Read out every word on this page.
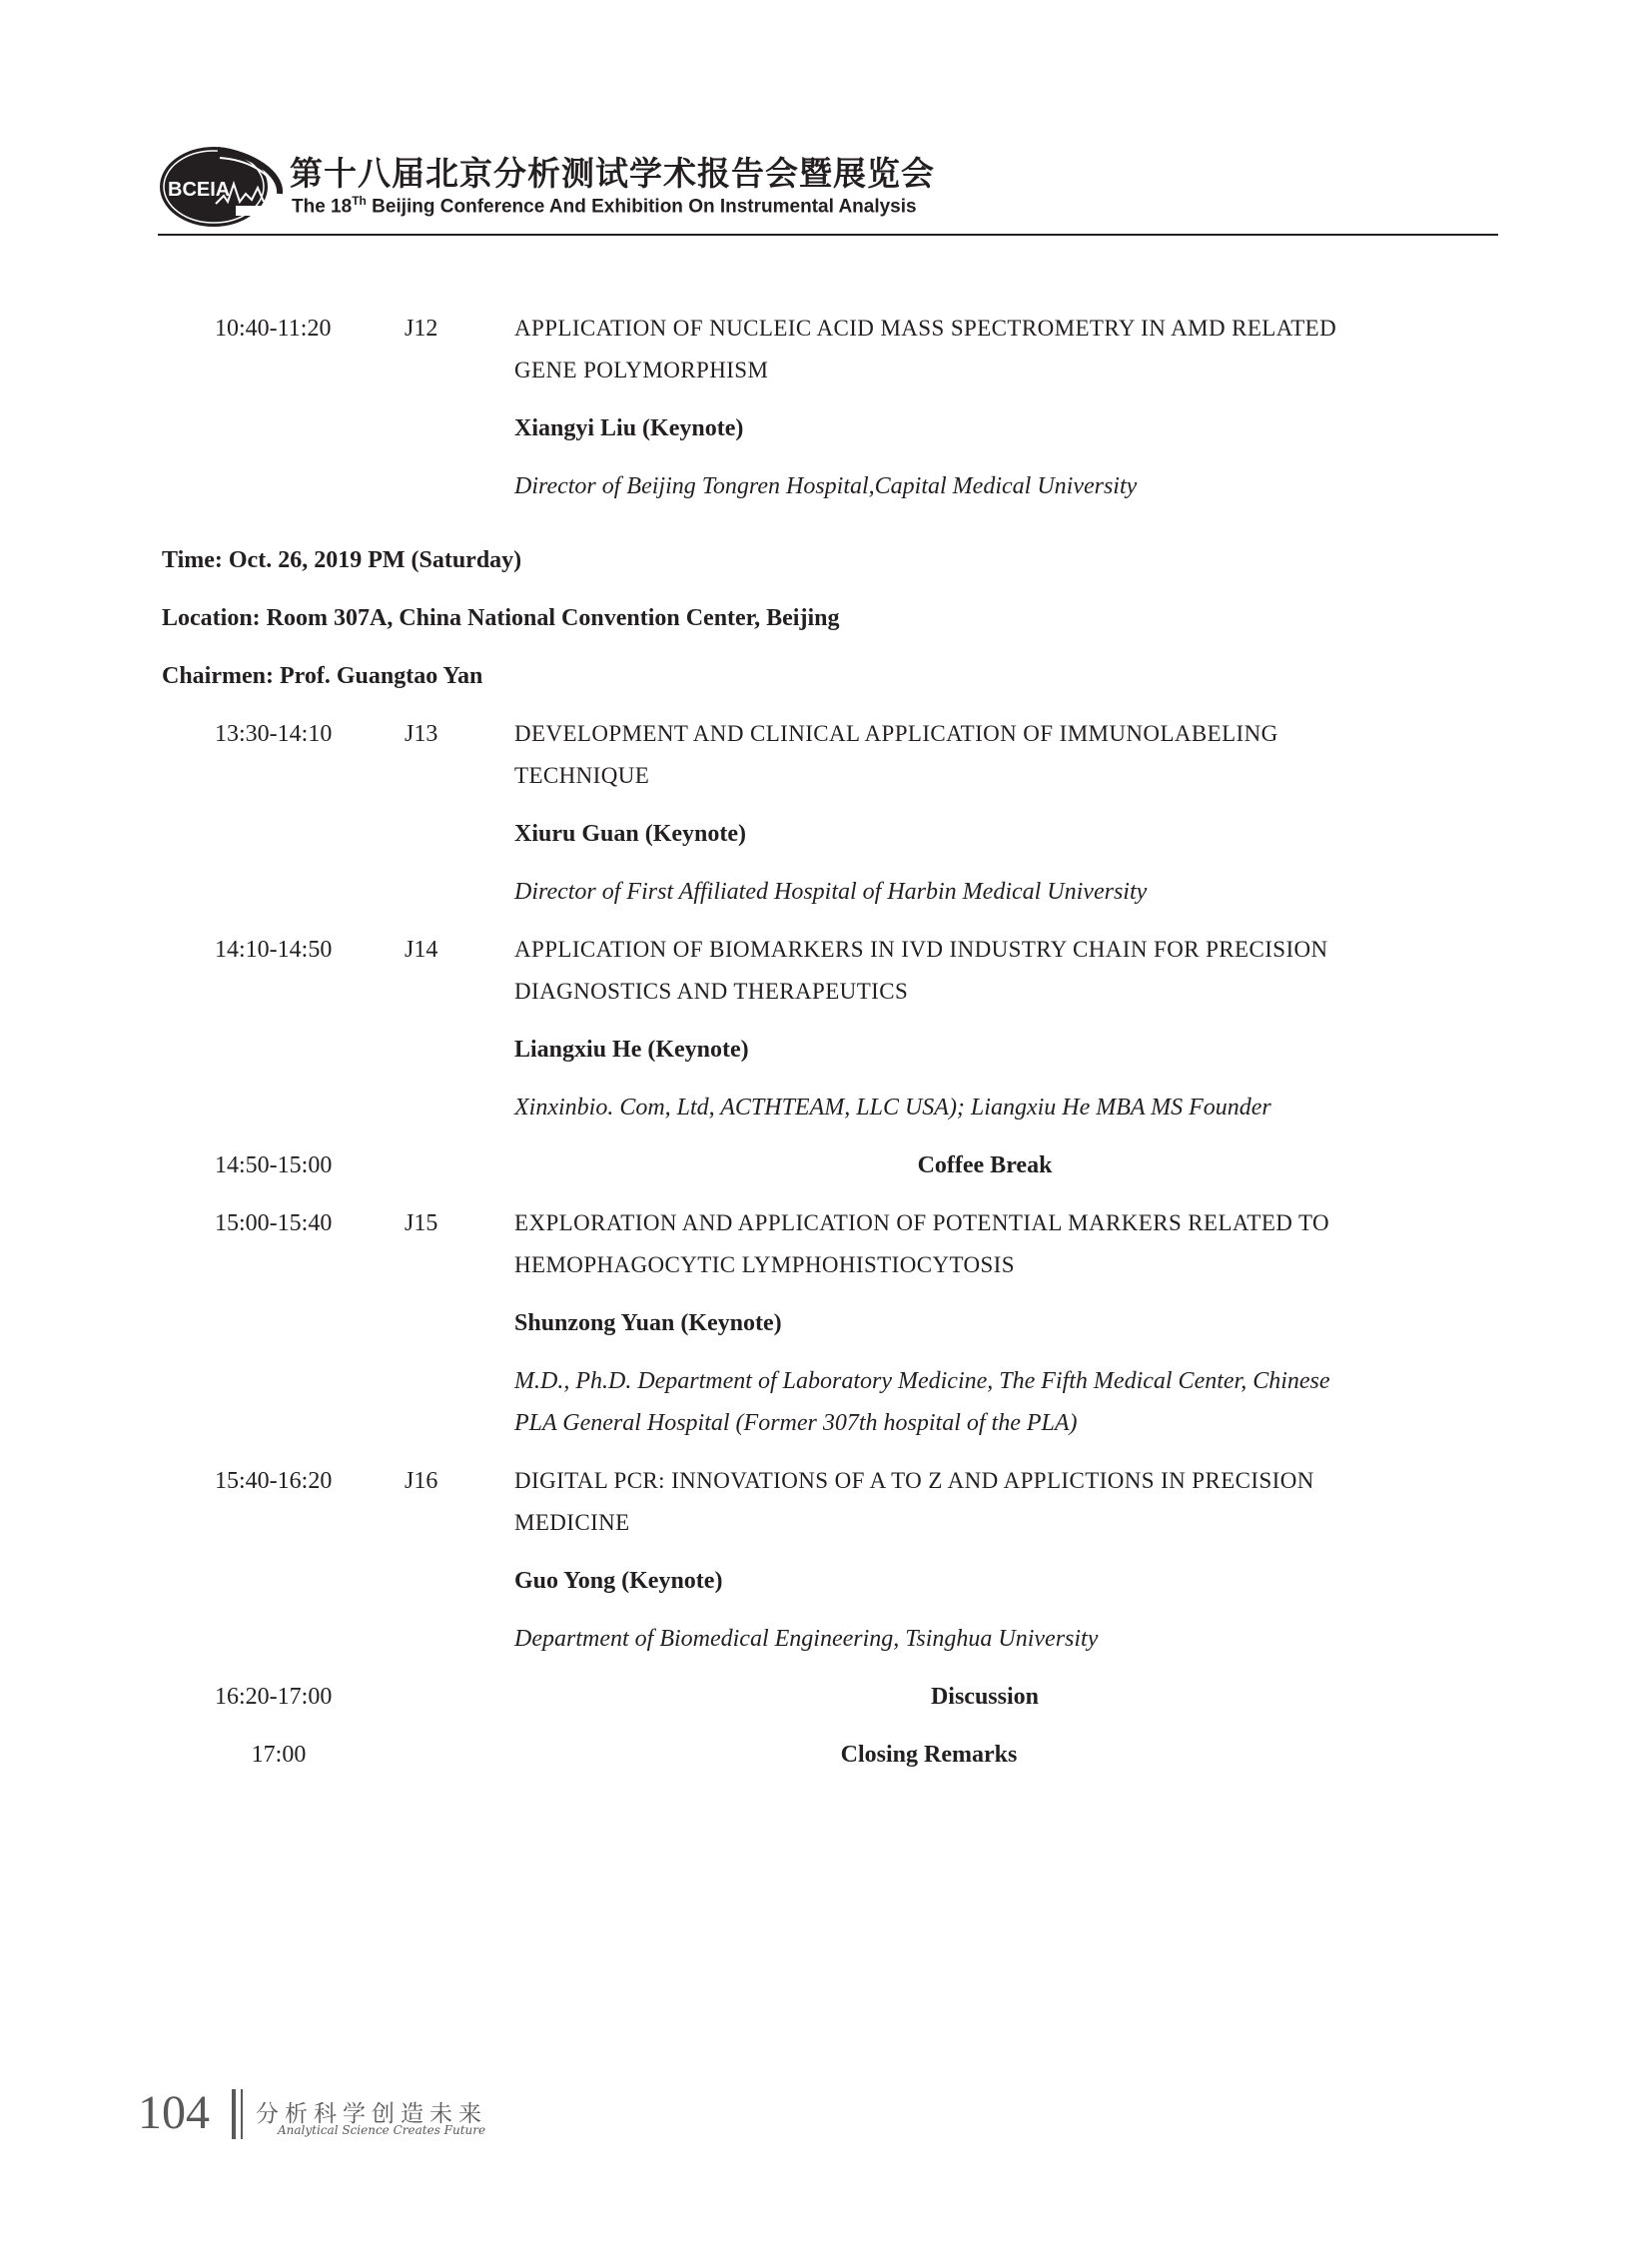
BCEIA 第十八届北京分析测试学术报告会暨展览会
The 18Th Beijing Conference And Exhibition On Instrumental Analysis
10:40-11:20	J12	APPLICATION OF NUCLEIC ACID MASS SPECTROMETRY IN AMD RELATED
GENE POLYMORPHISM
Xiangyi Liu (Keynote)
Director of Beijing Tongren Hospital,Capital Medical University
Time: Oct. 26, 2019 PM (Saturday)
Location: Room 307A, China National Convention Center, Beijing
Chairmen: Prof. Guangtao Yan
13:30-14:10	J13	DEVELOPMENT AND CLINICAL APPLICATION OF IMMUNOLABELING
TECHNIQUE
Xiuru Guan (Keynote)
Director of First Affiliated Hospital of Harbin Medical University
14:10-14:50	J14	APPLICATION OF BIOMARKERS IN IVD INDUSTRY CHAIN FOR PRECISION
DIAGNOSTICS AND THERAPEUTICS
Liangxiu He (Keynote)
Xinxinbio. Com, Ltd, ACTHTEAM, LLC USA); Liangxiu He MBA MS Founder
14:50-15:00	Coffee Break
15:00-15:40	J15	EXPLORATION AND APPLICATION OF POTENTIAL MARKERS RELATED TO
HEMOPHAGOCYTIC LYMPHOHISTIOCYTOSIS
Shunzong Yuan (Keynote)
M.D., Ph.D. Department of Laboratory Medicine, The Fifth Medical Center, Chinese
PLA General Hospital (Former 307th hospital of the PLA)
15:40-16:20	J16	DIGITAL PCR: INNOVATIONS OF A TO Z AND APPLICTIONS IN PRECISION
MEDICINE
Guo Yong (Keynote)
Department of Biomedical Engineering, Tsinghua University
16:20-17:00	Discussion
17:00	Closing Remarks
104 分析科学创造未来
Analytical Science Creates Future
